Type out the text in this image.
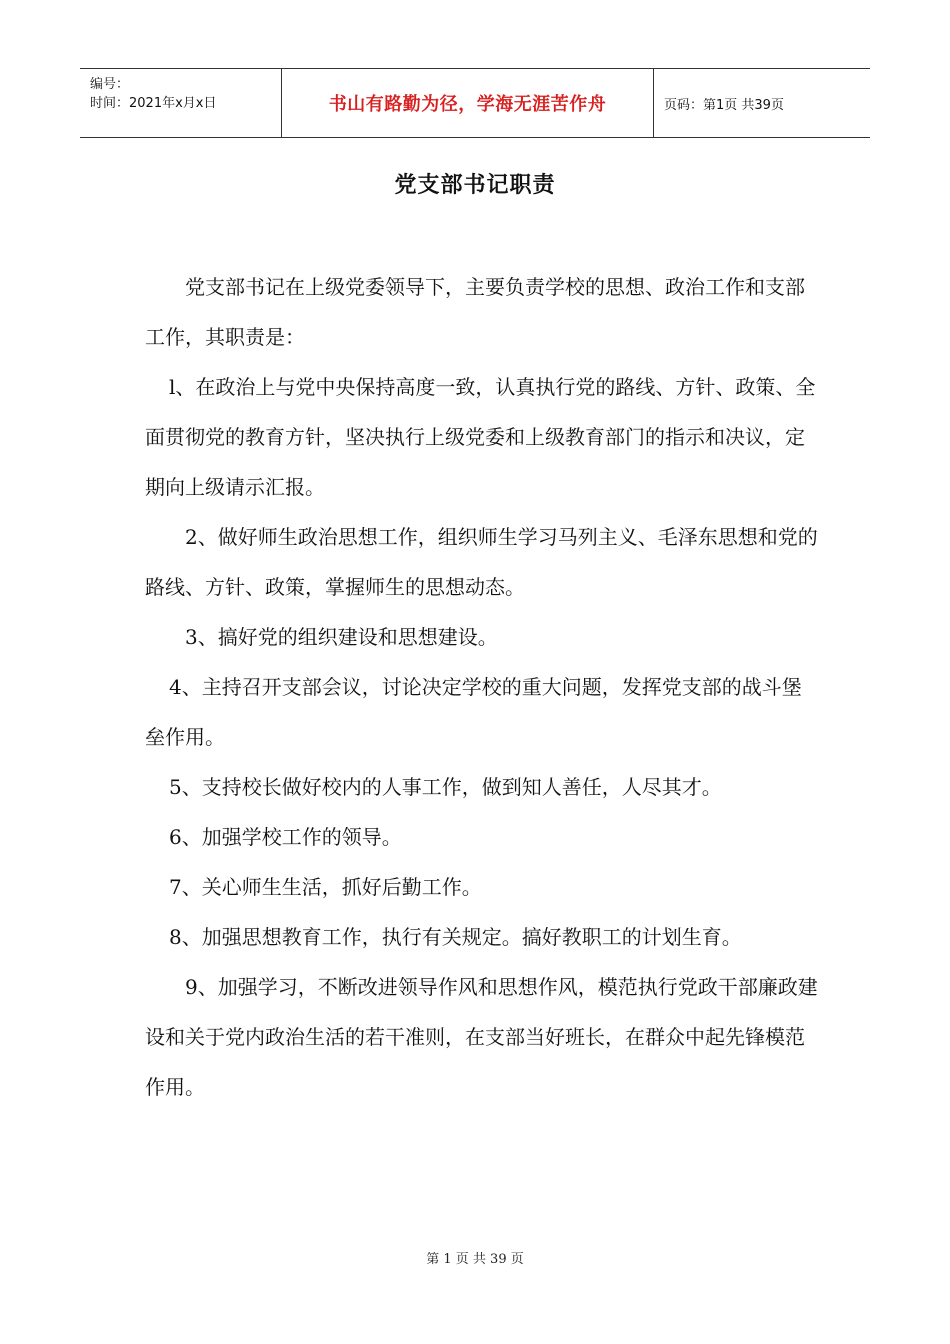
编号：
时间：2021年x月x日	书山有路勤为径，学海无涯苦作舟	页码：第1页 共39页
党支部书记职责

党支部书记在上级党委领导下，主要负责学校的思想、政治工作和支部工作，其职责是：

l、在政治上与党中央保持高度一致，认真执行党的路线、方针、政策、全面贯彻党的教育方针，坚决执行上级党委和上级教育部门的指示和决议，定期向上级请示汇报。

2、做好师生政治思想工作，组织师生学习马列主义、毛泽东思想和党的路线、方针、政策，掌握师生的思想动态。

3、搞好党的组织建设和思想建设。

4、主持召开支部会议，讨论决定学校的重大问题，发挥党支部的战斗堡垒作用。

5、支持校长做好校内的人事工作，做到知人善任，人尽其才。

6、加强学校工作的领导。

7、关心师生生活，抓好后勤工作。

8、加强思想教育工作，执行有关规定。搞好教职工的计划生育。

9、加强学习，不断改进领导作风和思想作风，模范执行党政干部廉政建设和关于党内政治生活的若干准则，在支部当好班长，在群众中起先锋模范作用。

第 1 页 共 39 页
